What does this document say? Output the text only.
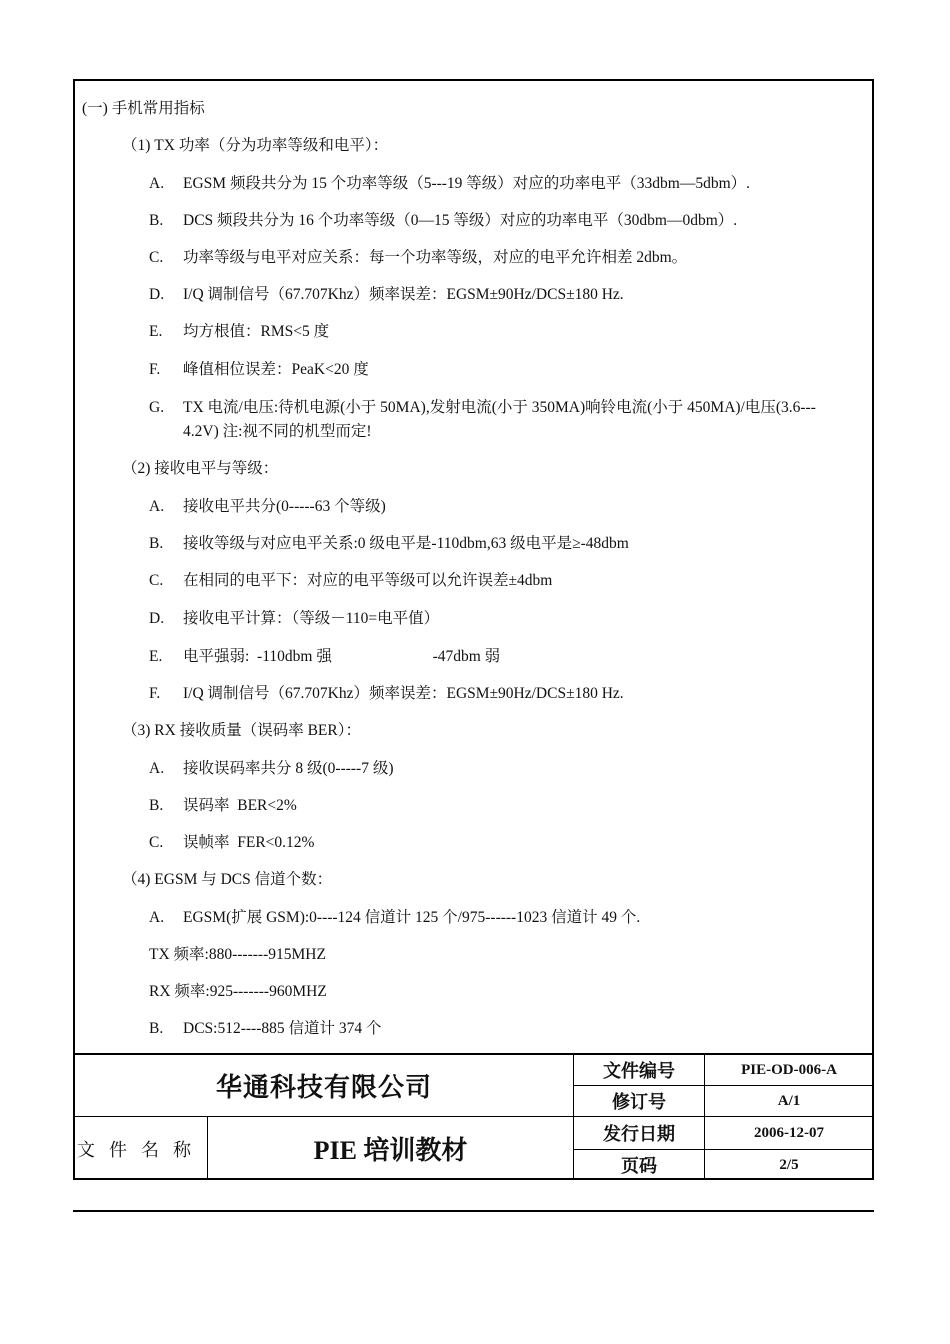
(一) 手机常用指标
（1) TX 功率（分为功率等级和电平）：
A. EGSM 频段共分为 15 个功率等级（5---19 等级）对应的功率电平（33dbm—5dbm）.
B. DCS 频段共分为 16 个功率等级（0—15 等级）对应的功率电平（30dbm—0dbm）.
C. 功率等级与电平对应关系：每一个功率等级，对应的电平允许相差 2dbm。
D. I/Q 调制信号（67.707Khz）频率误差：EGSM±90Hz/DCS±180 Hz.
E. 均方根值：RMS<5 度
F. 峰值相位误差：PeaK<20 度
G. TX 电流/电压:待机电源(小于 50MA),发射电流(小于 350MA)响铃电流(小于 450MA)/电压(3.6---
4.2V) 注:视不同的机型而定!
（2) 接收电平与等级：
A. 接收电平共分(0-----63 个等级)
B. 接收等级与对应电平关系:0 级电平是-110dbm,63 级电平是≥-48dbm
C. 在相同的电平下：对应的电平等级可以允许误差±4dbm
D. 接收电平计算：（等级－110=电平值）
E. 电平强弱:  -110dbm 强                          -47dbm 弱
F. I/Q 调制信号（67.707Khz）频率误差：EGSM±90Hz/DCS±180 Hz.
（3) RX 接收质量（误码率 BER）：
A. 接收误码率共分 8 级(0-----7 级)
B. 误码率  BER<2%
C. 误帧率  FER<0.12%
（4) EGSM 与 DCS 信道个数：
A. EGSM(扩展 GSM):0----124 信道计 125 个/975------1023 信道计 49 个.
TX 频率:880-------915MHZ
RX 频率:925-------960MHZ
B. DCS:512----885 信道计 374 个
华通科技有限公司
文件名称	PIE 培训教材
文件编号	PIE-OD-006-A
修订号	A/1
发行日期	2006-12-07
页码	2/5
